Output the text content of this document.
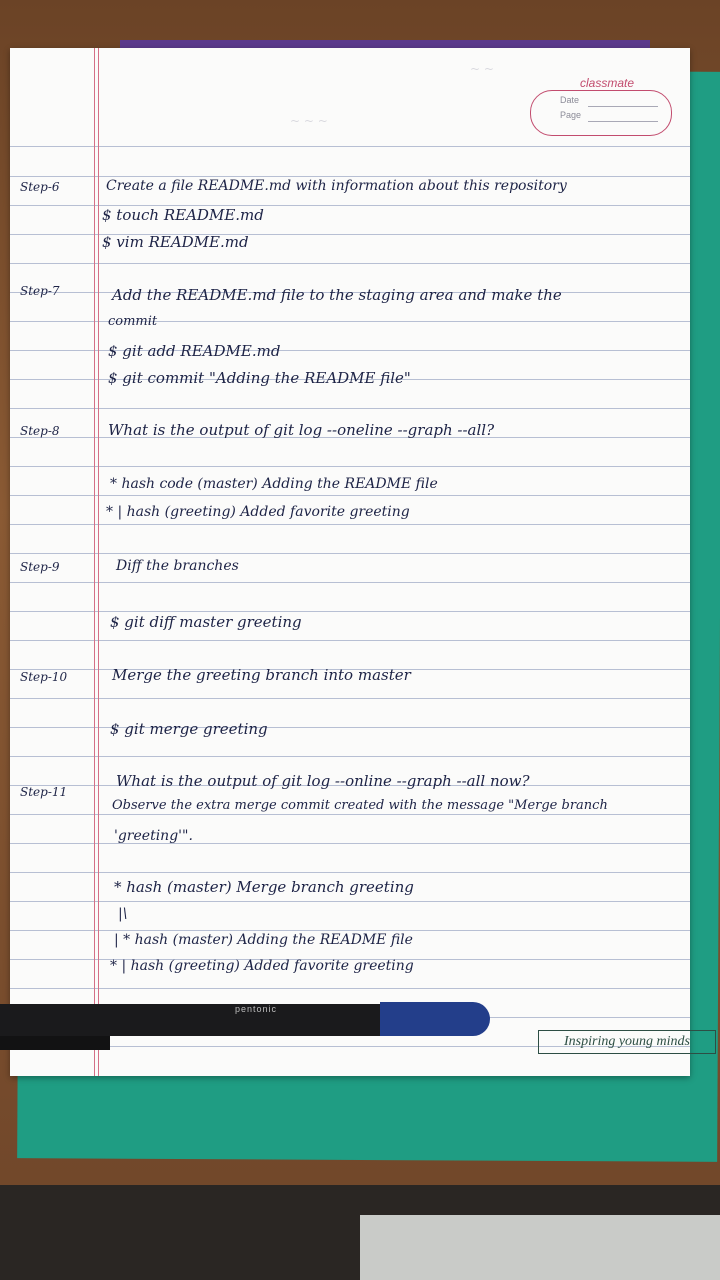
classmate
Date
Page
~ ~ ~
~ ~
Step-6	Create a file README.md with information about this repository
$ touch README.md
$ vim README.md
Step-7	Add the README.md file to the staging area and make the
commit
$ git add README.md
$ git commit "Adding the README file"
Step-8	What is the output of git log --oneline --graph --all?
* hash code (master) Adding the README file
* | hash (greeting) Added favorite greeting
Step-9	Diff the branches
$ git diff master greeting
Step-10	Merge the greeting branch into master
$ git merge greeting
Step-11
What is the output of git log --online --graph --all now?
Observe the extra merge commit created with the message "Merge branch
'greeting'".
* hash (master) Merge branch greeting
|\
| * hash (master) Adding the README file
* | hash (greeting) Added favorite greeting
Inspiring young minds
pentonic
